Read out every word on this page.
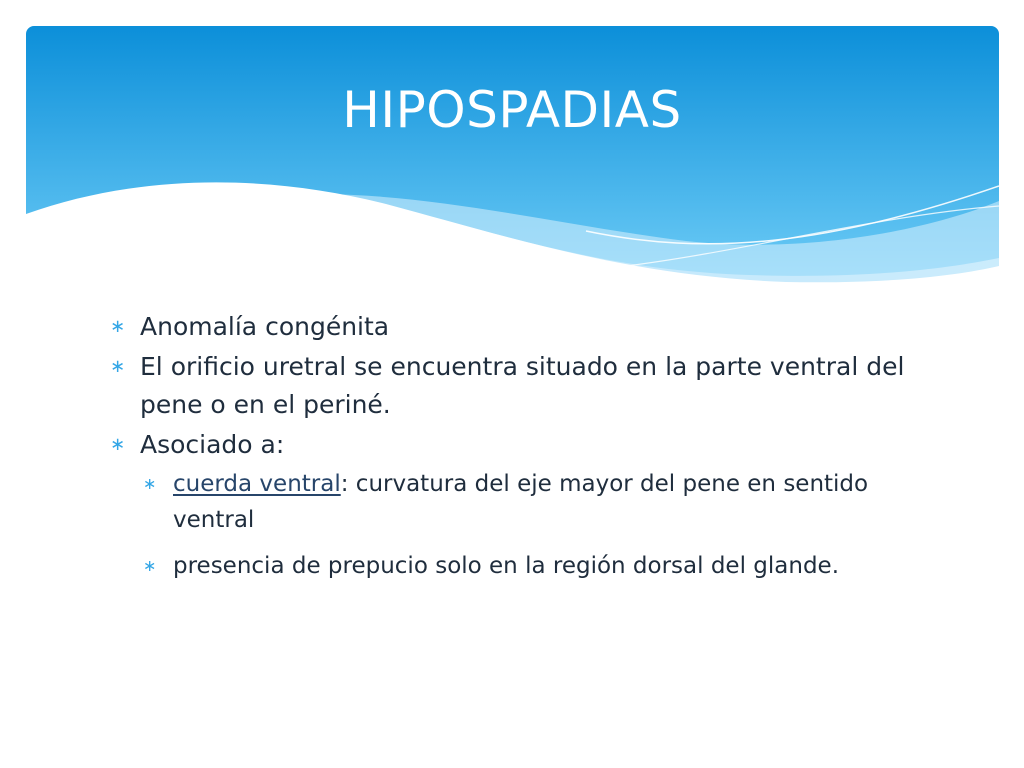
HIPOSPADIAS
∗ Anomalía congénita
∗ El orificio uretral se encuentra situado en la parte ventral del pene o en el periné.
∗ Asociado a:
∗ cuerda ventral: curvatura del eje mayor del pene en sentido ventral
∗ presencia de prepucio solo en la región dorsal del glande.
